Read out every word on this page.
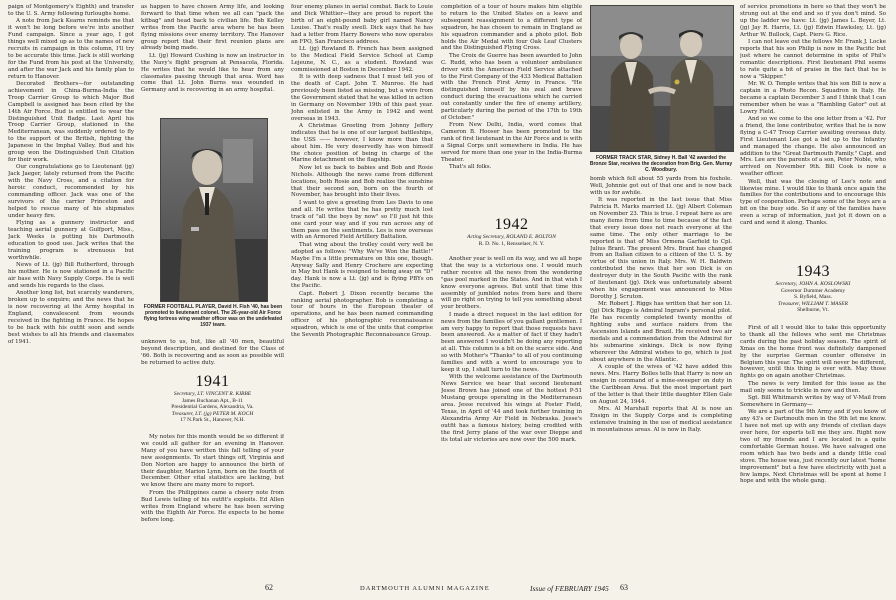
paign of Montgomery's Eighth) and transfer to the U. S. Army following furloughs home.

A note from Jack Kearns reminds me that it won't be long before we're into another Fund campaign. Since a year ago, I got things well mixed up as to the names of new recruits in campaign in this column, I'll try to be accurate this time. Jack is still working for the Fund from his post at the University, and after the war Jack and his family plan to return to Hanover.

Decorated Brothers—for outstanding achievement in China-Burma-India the Troop Carrier Group to which Major Bud Campbell is assigned has been cited by the 14th Air Force. Bud is entitled to wear the Distinguished Unit Badge. Last April his Troop Carrier Group, stationed in the Mediterranean, was suddenly ordered to fly to the support of the British, fighting the Japanese in the Imphal Valley. Bud and his group won the Distinguished Unit Citation for their work.

Our congratulations go to Lieutenant (jg) Jack Jaeger, lately returned from the Pacific with the Navy Cross, and a citation for heroic conduct, recommended by his commanding officer. Jack was one of the survivors of the carrier Princeton and helped to rescue many of his shipmates under heavy fire.

Flying as a gunnery instructor and teaching aerial gunnery at Gulfport, Miss., Jack Weeks is putting his Dartmouth education to good use. Jack writes that the training program is strenuous but worthwhile.

News of Lt. (jg) Bill Rutherford, through his mother. He is now stationed in a Pacific air base with Navy Supply Corps. He is well and sends his regards to the class.

Another long list, but scarcely wanderers, broken up to enquire; and the news that he is now recovering at the Army hospital in England, convalescent from wounds received in the fighting in France. He hopes to be back with his outfit soon and sends best wishes to all his friends and classmates of 1941.

as happen to have chosen Army life, and looking forward to that time when we all can "pack the kitbag" and head back to civilian life. Bob Kelley writes from the Pacific area where he has been flying missions over enemy territory. The Hanover group report that their first reunion plans are already being made.

Lt. (jg) Howard Cushing is now an instructor in the Navy's flight program at Pensacola, Florida. He writes that he would like to hear from any classmates passing through that area. Word has come that Lt. John Burns was wounded in Germany and is recovering in an army hospital.

FORMER FOOTBALL PLAYER, David H. Fish '40, has been promoted to lieutenant colonel. The 26-year-old Air Force flying fortress wing weather officer was on the undefeated 1937 team.

unknown to us, but, like all '40 men, beautiful beyond description, and destined for the Class of '66. Both is recovering and as soon as possible will be returned to active duty.

1941
Secretary, LT. VINCENT R. KIBBE
James Buchanan Apt., B-11
Presidential Gardens, Alexandria, Va.
Treasurer, LT. (jg) PETER M. KOCH
17 N.Park St., Hanover, N.H.

My notes for this month would be so different if we could all gather for an evening in Hanover. Many of you have written this fall telling of your new assignments. To start things off, Virginia and Don Norton are happy to announce the birth of their daughter, Marion Lynn, born on the fourth of December. Other vital statistics are lacking, but we know there are many more to report.

From the Philippines came a cheery note from Bud Lewis telling of his outfit's exploits. Ed Allen writes from England where he has been serving with the Eighth Air Force. He expects to be home before long.

four enemy planes in aerial combat. Back to Louie and Dick Whittier—they are proud to report the birth of an eight-pound baby girl named Nancy Louise. That's really swell. Dick says that he has had a letter from Harry Bowers who now operates an FPO, San Francisco address.

Lt. (jg) Rowland B. French has been assigned to the Medical Field Service School at Camp Lejeune, N. C., as a student. Rowland was commissioned at Boston in December 1942.

It is with deep sadness that I must tell you of the death of Capt. John T. Munroe. He had previously been listed as missing, but a wire from the Government stated that he was killed in action in Germany on November 19th of this past year. John enlisted in the Army in 1942 and went overseas in 1943.

A Christmas Greeting from Johnny Jeffery indicates that he is one of our largest battleships, the USS —— however, I know more than that about him. He very deservedly has won himself the choice position of being in charge of the Marine detachment on the flagship.

Now let us back to babies and Bob and Rosie Nichols. Although the news came from different locations, both Rosie and Bob realize the sunshine that their second son, born on the fourth of November, has brought into their lives.

I want to give a greeting from Les Davis to one and all. He writes that he has pretty much lost track of "all the boys by now" so I'll just hit this one card your way and if you run across any of them pass on the sentiments. Les is now overseas with an Armored Field Artillery Battalion.

That wing about the trolley could very well be adopted as follows: "Why We've Won the Battle!" Maybe I'm a little premature on this one, though. Anyway Sally and Henry Crochere are expecting in May but Hank is resigned to being away on "D" day. Hank is now a Lt. (jg) and is flying PBYs on the Pacific.

Capt. Robert J. Dixon recently became the ranking aerial photographer. Bob is completing a tour of hours in the European theater of operations, and he has been named commanding officer of his photographic reconnaissance squadron, which is one of the units that comprise the Seventh Photographic Reconnaissance Group.

completion of a tour of hours makes him eligible to return to the United States on a leave and subsequent reassignment to a different type of squadron, he has chosen to remain in England as his squadron commander and a photo pilot. Bob holds the Air Medal with four Oak Leaf Clusters and the Distinguished Flying Cross.

The Croix de Guerre has been awarded to John C. Rudd, who has been a volunteer ambulance driver with the American Field Service attached to the First Company of the 433 Medical Battalion with the French First Army in France. "He distinguished himself by his zeal and brave conduct during the evacuations which he carried out constantly under the fire of enemy artillery, particularly during the period of the 17th to 19th of October."

From New Delhi, India, word comes that Cameron B. Hooser has been promoted to the rank of first lieutenant in the Air Force and is with a Signal Corps unit somewhere in India. He has served for more than one year in the India-Burma Theater.

That's all folks.

1942
Acting Secretary, ROLAND E. BOLTON
R. D. No. 1, Rensselaer, N. Y.

Another year is well on its way, and we all hope that the way is a victorious one. I would much rather receive all the news from the wondering "gas pool marked in the States. And in that wish I know everyone agrees. But until that time this assembly of jumbled notes from here and there will go right on trying to tell you something about your brothers.

I made a direct request in the last edition for news from the families of you gallant gentlemen. I am very happy to report that those requests have been answered. As a matter of fact if they hadn't been answered I wouldn't be doing any reporting at all. This column is a bit on the scarce side. And so with Mother's "Thanks" to all of you continuing families and with a word to encourage you to keep it up, I shall turn to the news.

With the welcome assistance of the Dartmouth News Service we hear that second lieutenant Jesse Brown has joined one of the hottest P-51 Mustang groups operating in the Mediterranean area. Jesse received his wings at Foster Field, Texas, in April of '44 and took further training in Alexandria Army Air Field in Nebraska. Jesse's outfit has a famous history, being credited with the first Jerry plane of the war over Dieppe and its total air victories are now over the 500 mark.

FORMER TRACK STAR, Sidney H. Ball '42 awarded the Bronze Star, receives the decoration from Brig. Gen. Murray C. Woodbury.

bomb which fell about 55 yards from his foxhole. Well, Johnnie got out of that one and is now back with us for awhile.

It was reported in the last issue that Miss Patricia R. Marks married Lt. (jg) Albert Coleman on November 23. This is true. I repeat here as are many items from time to time because of the fact that every issue does not reach everyone at the same time. The only other marriage to be reported is that of Miss Ormena Garfield to Cpl. Julius Brant. The present Mrs. Brant has changed from an Italian citizen to a citizen of the U. S. by virtue of this union in Italy. Mrs. W. H. Baldwin contributed the news that her son Dick is on destroyer duty in the South Pacific with the rank of lieutenant (jg). Dick was unfortunately absent when his engagement was announced to Miss Dorothy J. Scruton.

Mr. Robert J. Riggs has written that her son Lt. (jg) Dick Riggs is Admiral Ingram's personal pilot. He has recently completed twenty months of fighting subs and surface raiders from the Ascension Islands and Brazil. He received two air medals and a commendation from the Admiral for his submarine sinkings. Dick is now flying wherever the Admiral wishes to go, which is just about anywhere in the Atlantic.

A couple of the wives of '42 have added this news. Mrs. Harry Bolles tells that Harry is now an ensign in command of a mine-sweeper on duty in the Caribbean Area. But the most important part of the letter is that their little daughter Ellen Gale on August 24, 1944.

Mrs. Al Marshall reports that Al is now an Ensign in the Supply Corps and is completing extensive training in the use of medical assistance in mountainous areas. Al is now in Italy.

of service promotions in here so that they won't be strung out at the end and so if you don't mind. So up the ladder we have: Lt. (jg) James L. Beyer, Lt. (jg) Jay R. Harris, Lt. (jg) Edwin Hawksley, Lt. (jg) Arthur W. Bullock, Capt. Piers G. Rice.

I can not leave out the fellows Mr. Frank J. Locke reports that his son Philip is now in the Pacific but just where he cannot determine in spite of Phil's romantic descriptions. First lieutenant Phil seems to rate quite a bit of praise in the fact that he is now a "Skipper."

Mr. W. O. Temple writes that his son Bill is now a captain in a Photo Recon. Squadron in Italy. He became a captain December 3 and I think that I can remember when he was a "Rambling Gator" out at Lowry Field.

And so we come to the one letter from a '42. For a friend, the lone contributor, writes that he is now flying a C-47 Troop Carrier awaiting overseas duty. First Lieutenant Lee got a bid up to the Infantry and managed the change. He also announced an addition to the "Great Dartmouth Family." Capt. and Mrs. Lee are the parents of a son, Peter Noble, who arrived on November 9th. Bill Cook is now a weather officer.

Well, that was the closing of Lee's note and likewise mine. I would like to thank once again the families for the contributions and to encourage this type of cooperation. Perhaps some of the boys are a bit on the busy side. So if any of the families have even a scrap of information, just jot it down on a card and send it along. Thanks.

1943
Secretary, JOHN A. KOSLOWSKI
Governor Dummer Academy
S. Byfield, Mass.
Treasurer, WILLIAM T. MASER
Shelburne, Vt.

First of all I would like to take this opportunity to thank all the fellows who sent me Christmas cards during the past holiday season. The spirit of Xmas on the home front was definitely dampened by the surprise German counter offensive in Belgium this year. The spirit will never be different, however, until this thing is over with. May those fights go on again another Christmas.

The news is very limited for this issue as the mail only seems to trickle in now and then.

Sgt. Bill Whitmarsh writes by way of V-Mail from Somewhere in Germany—

We are a part of the 9th Army and if you know of any 43's or Dartmouth men in the 9th let me know. I have not met up with any friends of civilian days over here, for experts tell me they are. Right now two of my friends and I are located in a quite comfortable German house. We have salvaged one room which has two beds and a dandy little coal stove. The house was, just recently our latest "home improvement" but a few have electricity with just a few lamps. Next Christmas will be spent at home I hope and with the whole gang.

62	DARTMOUTH ALUMNI MAGAZINE	Issue of FEBRUARY 1945 63
